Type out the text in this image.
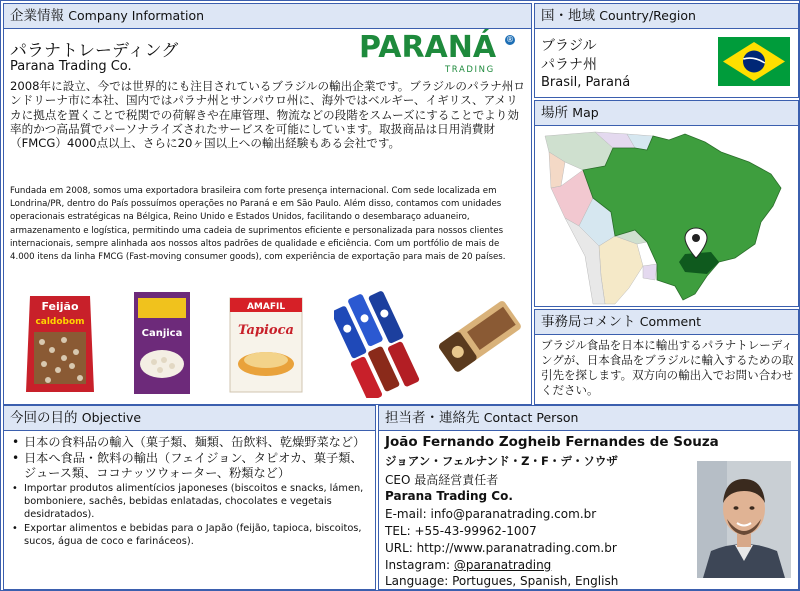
企業情報 Company Information
パラナトレーディング
Parana Trading Co.
PARANÁ ®
TRADING
2008年に設立、今では世界的にも注目されているブラジルの輸出企業です。ブラジルのパラナ州ロンドリーナ市に本社、国内ではパラナ州とサンパウロ州に、海外ではベルギー、イギリス、アメリカに拠点を置くことで税関での荷解きや在庫管理、物流などの段階をスムーズにすることでより効率的かつ高品質でパーソナライズされたサービスを可能にしています。取扱商品は日用消費財（FMCG）4000点以上、さらに20ヶ国以上への輸出経験もある会社です。
Fundada em 2008, somos uma exportadora brasileira com forte presença internacional. Com sede localizada em Londrina/PR, dentro do País possuímos operações no Paraná e em São Paulo. Além disso, contamos com unidades operacionais estratégicas na Bélgica, Reino Unido e Estados Unidos, facilitando o desembaraço aduaneiro, armazenamento e logística, permitindo uma cadeia de suprimentos eficiente e personalizada para nossos clientes internacionais, sempre alinhada aos nossos altos padrões de qualidade e eficiência. Com um portfólio de mais de 4.000 itens da linha FMCG (Fast-moving consumer goods), com experiência de exportação para mais de 20 países.
Feijão
caldobom
Canjica
AMAFIL
Tapioca
国・地域 Country/Region
ブラジル
パラナ州
Brasil, Paraná
場所 Map
事務局コメント Comment
ブラジル食品を日本に輸出するパラナトレーディングが、日本食品をブラジルに輸入するための取引先を探します。双方向の輸出入でお問い合わせください。
今回の目的 Objective
• 日本の食料品の輸入（菓子類、麺類、缶飲料、乾燥野菜など）
• 日本へ食品・飲料の輸出（フェイジョン、タピオカ、菓子類、ジュース類、ココナッツウォーター、粉類など）
• Importar produtos alimentícios japoneses (biscoitos e snacks, lámen, bomboniere, sachês, bebidas enlatadas, chocolates e vegetais desidratados).
• Exportar alimentos e bebidas para o Japão (feijão, tapioca, biscoitos, sucos, água de coco e farináceos).
担当者・連絡先 Contact Person
João Fernando Zogheib Fernandes de Souza
ジョアン・フェルナンド・Z・F・デ・ソウザ
CEO 最高経営責任者
Parana Trading Co.
E-mail: info@paranatrading.com.br
TEL: +55-43-99962-1007
URL: http://www.paranatrading.com.br
Instagram: @paranatrading
Language: Portugues, Spanish, English
